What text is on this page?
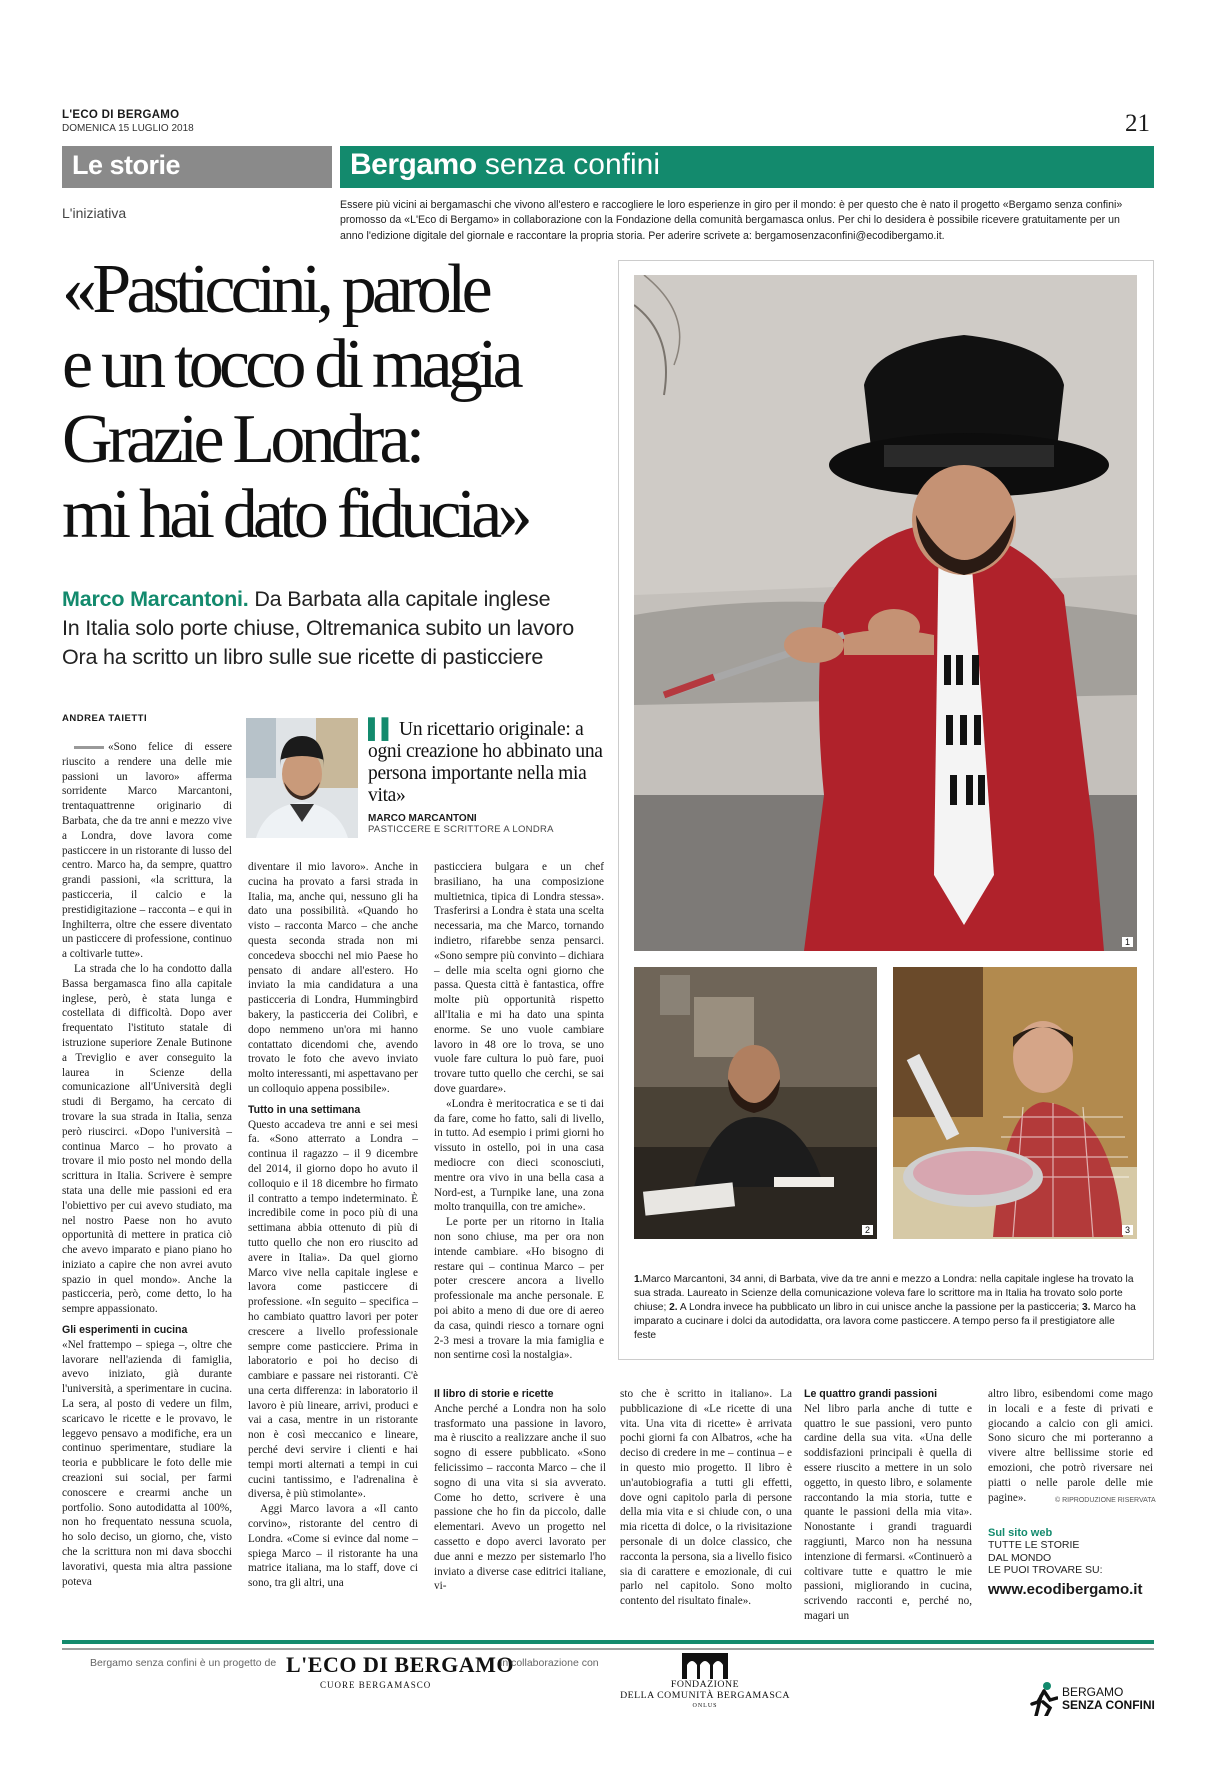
L'ECO DI BERGAMO
DOMENICA 15 LUGLIO 2018	21
Le storie	Bergamo senza confini
L'iniziativa	Essere più vicini ai bergamaschi che vivono all'estero e raccogliere le loro esperienze in giro per il mondo: è per questo che è nato il progetto «Bergamo senza confini» promosso da «L'Eco di Bergamo» in collaborazione con la Fondazione della comunità bergamasca onlus. Per chi lo desidera è possibile ricevere gratuitamente per un anno l'edizione digitale del giornale e raccontare la propria storia. Per aderire scrivete a: bergamosenzaconfini@ecodibergamo.it.
«Pasticcini, parole
e un tocco di magia
Grazie Londra:
mi hai dato fiducia»
Marco Marcantoni. Da Barbata alla capitale inglese
In Italia solo porte chiuse, Oltremanica subito un lavoro
Ora ha scritto un libro sulle sue ricette di pasticciere
ANDREA TAIETTI

«Sono felice di essere riuscito a rendere una delle mie passioni un lavoro» afferma sorridente Marco Marcantoni, trentaquattrenne originario di Barbata, che da tre anni e mezzo vive a Londra, dove lavora come pasticcere in un ristorante di lusso del centro. Marco ha, da sempre, quattro grandi passioni, «la scrittura, la pasticceria, il calcio e la prestidigitazione – racconta – e qui in Inghilterra, oltre che essere diventato un pasticcere di professione, continuo a coltivarle tutte».

La strada che lo ha condotto dalla Bassa bergamasca fino alla capitale inglese, però, è stata lunga e costellata di difficoltà. Dopo aver frequentato l'istituto statale di istruzione superiore Zenale Butinone a Treviglio e aver conseguito la laurea in Scienze della comunicazione all'Università degli studi di Bergamo, ha cercato di trovare la sua strada in Italia, senza però riuscirci. «Dopo l'università – continua Marco – ho provato a trovare il mio posto nel mondo della scrittura in Italia. Scrivere è sempre stata una delle mie passioni ed era l'obiettivo per cui avevo studiato, ma nel nostro Paese non ho avuto opportunità di mettere in pratica ciò che avevo imparato e piano piano ho iniziato a capire che non avrei avuto spazio in quel mondo». Anche la pasticceria, però, come detto, lo ha sempre appassionato.

Gli esperimenti in cucina

«Nel frattempo – spiega –, oltre che lavorare nell'azienda di famiglia, avevo iniziato, già durante l'università, a sperimentare in cucina. La sera, al posto di vedere un film, scaricavo le ricette e le provavo, le leggevo pensavo a modifiche, era un continuo sperimentare, studiare la teoria e pubblicare le foto delle mie creazioni sui social, per farmi conoscere e crearmi anche un portfolio. Sono autodidatta al 100%, non ho frequentato nessuna scuola, ho solo deciso, un giorno, che, visto che la scrittura non mi dava sbocchi lavorativi, questa mia altra passione poteva

▌▌ Un ricettario originale: a ogni creazione ho abbinato una persona importante nella mia vita»
MARCO MARCANTONI
PASTICCERE E SCRITTORE A LONDRA

diventare il mio lavoro». Anche in cucina ha provato a farsi strada in Italia, ma, anche qui, nessuno gli ha dato una possibilità. «Quando ho visto – racconta Marco – che anche questa seconda strada non mi concedeva sbocchi nel mio Paese ho pensato di andare all'estero. Ho inviato la mia candidatura a una pasticceria di Londra, Hummingbird bakery, la pasticceria dei Colibrì, e dopo nemmeno un'ora mi hanno contattato dicendomi che, avendo trovato le foto che avevo inviato molto interessanti, mi aspettavano per un colloquio appena possibile».

Tutto in una settimana

Questo accadeva tre anni e sei mesi fa. «Sono atterrato a Londra – continua il ragazzo – il 9 dicembre del 2014, il giorno dopo ho avuto il colloquio e il 18 dicembre ho firmato il contratto a tempo indeterminato. È incredibile come in poco più di una settimana abbia ottenuto di più di tutto quello che non ero riuscito ad avere in Italia». Da quel giorno Marco vive nella capitale inglese e lavora come pasticcere di professione. «In seguito – specifica – ho cambiato quattro lavori per poter crescere a livello professionale sempre come pasticciere. Prima in laboratorio e poi ho deciso di cambiare e passare nei ristoranti. C'è una certa differenza: in laboratorio il lavoro è più lineare, arrivi, produci e vai a casa, mentre in un ristorante non è così meccanico e lineare, perché devi servire i clienti e hai tempi morti alternati a tempi in cui cucini tantissimo, e l'adrenalina è diversa, è più stimolante».

Aggi Marco lavora a «Il canto corvino», ristorante del centro di Londra. «Come si evince dal nome – spiega Marco – il ristorante ha una matrice italiana, ma lo staff, dove ci sono, tra gli altri, una

pasticciera bulgara e un chef brasiliano, ha una composizione multietnica, tipica di Londra stessa». Trasferirsi a Londra è stata una scelta necessaria, ma che Marco, tornando indietro, rifarebbe senza pensarci. «Sono sempre più convinto – dichiara – delle mia scelta ogni giorno che passa. Questa città è fantastica, offre molte più opportunità rispetto all'Italia e mi ha dato una spinta enorme. Se uno vuole cambiare lavoro in 48 ore lo trova, se uno vuole fare cultura lo può fare, puoi trovare tutto quello che cerchi, se sai dove guardare».

«Londra è meritocratica e se ti dai da fare, come ho fatto, sali di livello, in tutto. Ad esempio i primi giorni ho vissuto in ostello, poi in una casa mediocre con dieci sconosciuti, mentre ora vivo in una bella casa a Nord-est, a Turnpike lane, una zona molto tranquilla, con tre amiche».

Le porte per un ritorno in Italia non sono chiuse, ma per ora non intende cambiare. «Ho bisogno di restare qui – continua Marco – per poter crescere ancora a livello professionale ma anche personale. E poi abito a meno di due ore di aereo da casa, quindi riesco a tornare ogni 2-3 mesi a trovare la mia famiglia e non sentirne così la nostalgia».

Il libro di storie e ricette

Anche perché a Londra non ha solo trasformato una passione in lavoro, ma è riuscito a realizzare anche il suo sogno di essere pubblicato. «Sono felicissimo – racconta Marco – che il sogno di una vita si sia avverato. Come ho detto, scrivere è una passione che ho fin da piccolo, dalle elementari. Avevo un progetto nel cassetto e dopo averci lavorato per due anni e mezzo per sistemarlo l'ho inviato a diverse case editrici italiane, vi-

sto che è scritto in italiano». La pubblicazione di «Le ricette di una vita. Una vita di ricette» è arrivata pochi giorni fa con Albatros, «che ha deciso di credere in me – continua – e in questo mio progetto. Il libro è un'autobiografia a tutti gli effetti, dove ogni capitolo parla di persone della mia vita e si chiude con, o una mia ricetta di dolce, o la rivisitazione personale di un dolce classico, che racconta la persona, sia a livello fisico sia di carattere e emozionale, di cui parlo nel capitolo. Sono molto contento del risultato finale».

Le quattro grandi passioni

Nel libro parla anche di tutte e quattro le sue passioni, vero punto cardine della sua vita. «Una delle soddisfazioni principali è quella di essere riuscito a mettere in un solo oggetto, in questo libro, e solamente raccontando la mia storia, tutte e quante le passioni della mia vita». Nonostante i grandi traguardi raggiunti, Marco non ha nessuna intenzione di fermarsi. «Continuerò a coltivare tutte e quattro le mie passioni, migliorando in cucina, scrivendo racconti e, perché no, magari un

altro libro, esibendomi come mago in locali e a feste di privati e giocando a calcio con gli amici. Sono sicuro che mi porteranno a vivere altre bellissime storie ed emozioni, che potrò riversare nei piatti o nelle parole delle mie pagine».

1
2	3
1.Marco Marcantoni, 34 anni, di Barbata, vive da tre anni e mezzo a Londra: nella capitale inglese ha trovato la sua strada. Laureato in Scienze della comunicazione voleva fare lo scrittore ma in Italia ha trovato solo porte chiuse; 2. A Londra invece ha pubblicato un libro in cui unisce anche la passione per la pasticceria; 3. Marco ha imparato a cucinare i dolci da autodidatta, ora lavora come pasticcere. A tempo perso fa il prestigiatore alle feste
© RIPRODUZIONE RISERVATA
Sul sito web
TUTTE LE STORIE
DAL MONDO
LE PUOI TROVARE SU:
www.ecodibergamo.it
Bergamo senza confini è un progetto de L'ECO DI BERGAMO
CUORE BERGAMASCO
in collaborazione con
FONDAZIONE
DELLA COMUNITÀ BERGAMASCA
ONLUS
BERGAMO
SENZA CONFINI
